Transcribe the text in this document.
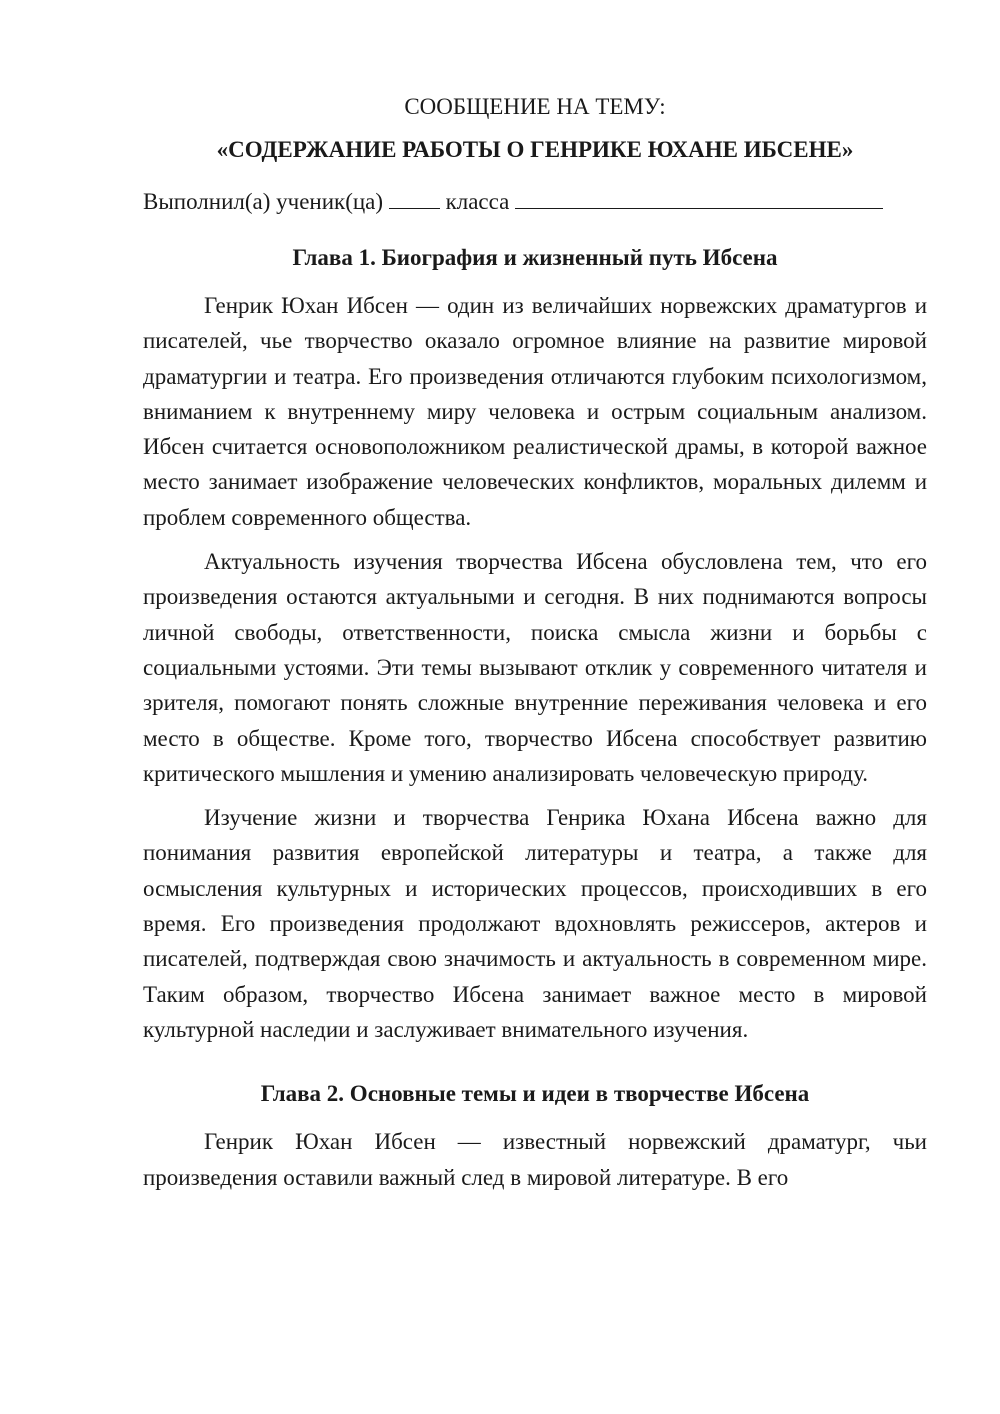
СООБЩЕНИЕ НА ТЕМУ:

«СОДЕРЖАНИЕ РАБОТЫ О ГЕНРИКЕ ЮХАНЕ ИБСЕНЕ»

Выполнил(а) ученик(ца)	класса

Глава 1. Биография и жизненный путь Ибсена

Генрик Юхан Ибсен — один из величайших норвежских драматургов и писателей, чье творчество оказало огромное влияние на развитие мировой драматургии и театра. Его произведения отличаются глубоким психологизмом, вниманием к внутреннему миру человека и острым социальным анализом. Ибсен считается основоположником реалистической драмы, в которой важное место занимает изображение человеческих конфликтов, моральных дилемм и проблем современного общества.

Актуальность изучения творчества Ибсена обусловлена тем, что его произведения остаются актуальными и сегодня. В них поднимаются вопросы личной свободы, ответственности, поиска смысла жизни и борьбы с социальными устоями. Эти темы вызывают отклик у современного читателя и зрителя, помогают понять сложные внутренние переживания человека и его место в обществе. Кроме того, творчество Ибсена способствует развитию критического мышления и умению анализировать человеческую природу.

Изучение жизни и творчества Генрика Юхана Ибсена важно для понимания развития европейской литературы и театра, а также для осмысления культурных и исторических процессов, происходивших в его время. Его произведения продолжают вдохновлять режиссеров, актеров и писателей, подтверждая свою значимость и актуальность в современном мире. Таким образом, творчество Ибсена занимает важное место в мировой культурной наследии и заслуживает внимательного изучения.

Глава 2. Основные темы и идеи в творчестве Ибсена

Генрик Юхан Ибсен — известный норвежский драматург, чьи произведения оставили важный след в мировой литературе. В его
